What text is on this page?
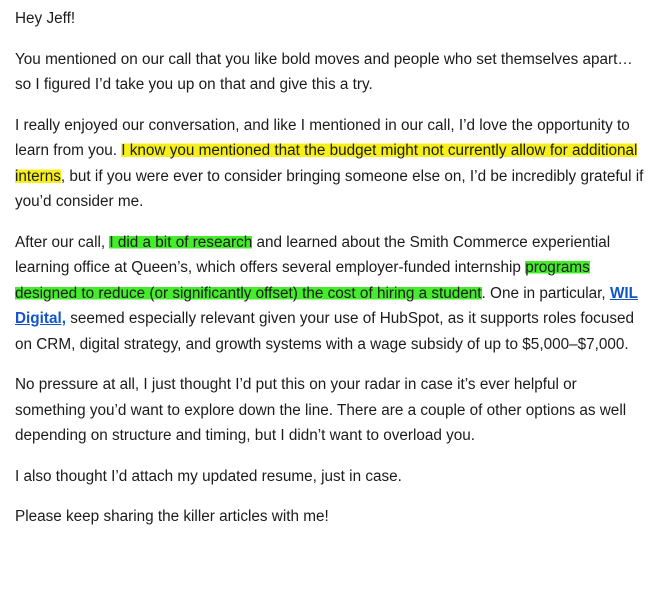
Hey Jeff!

You mentioned on our call that you like bold moves and people who set themselves apart… so I figured I’d take you up on that and give this a try.

I really enjoyed our conversation, and like I mentioned in our call, I’d love the opportunity to learn from you. I know you mentioned that the budget might not currently allow for additional interns, but if you were ever to consider bringing someone else on, I’d be incredibly grateful if you’d consider me.

After our call, I did a bit of research and learned about the Smith Commerce experiential learning office at Queen’s, which offers several employer-funded internship programs designed to reduce (or significantly offset) the cost of hiring a student. One in particular, WIL Digital, seemed especially relevant given your use of HubSpot, as it supports roles focused on CRM, digital strategy, and growth systems with a wage subsidy of up to $5,000–$7,000.

No pressure at all, I just thought I’d put this on your radar in case it’s ever helpful or something you’d want to explore down the line. There are a couple of other options as well depending on structure and timing, but I didn’t want to overload you.

I also thought I’d attach my updated resume, just in case.

Please keep sharing the killer articles with me!
